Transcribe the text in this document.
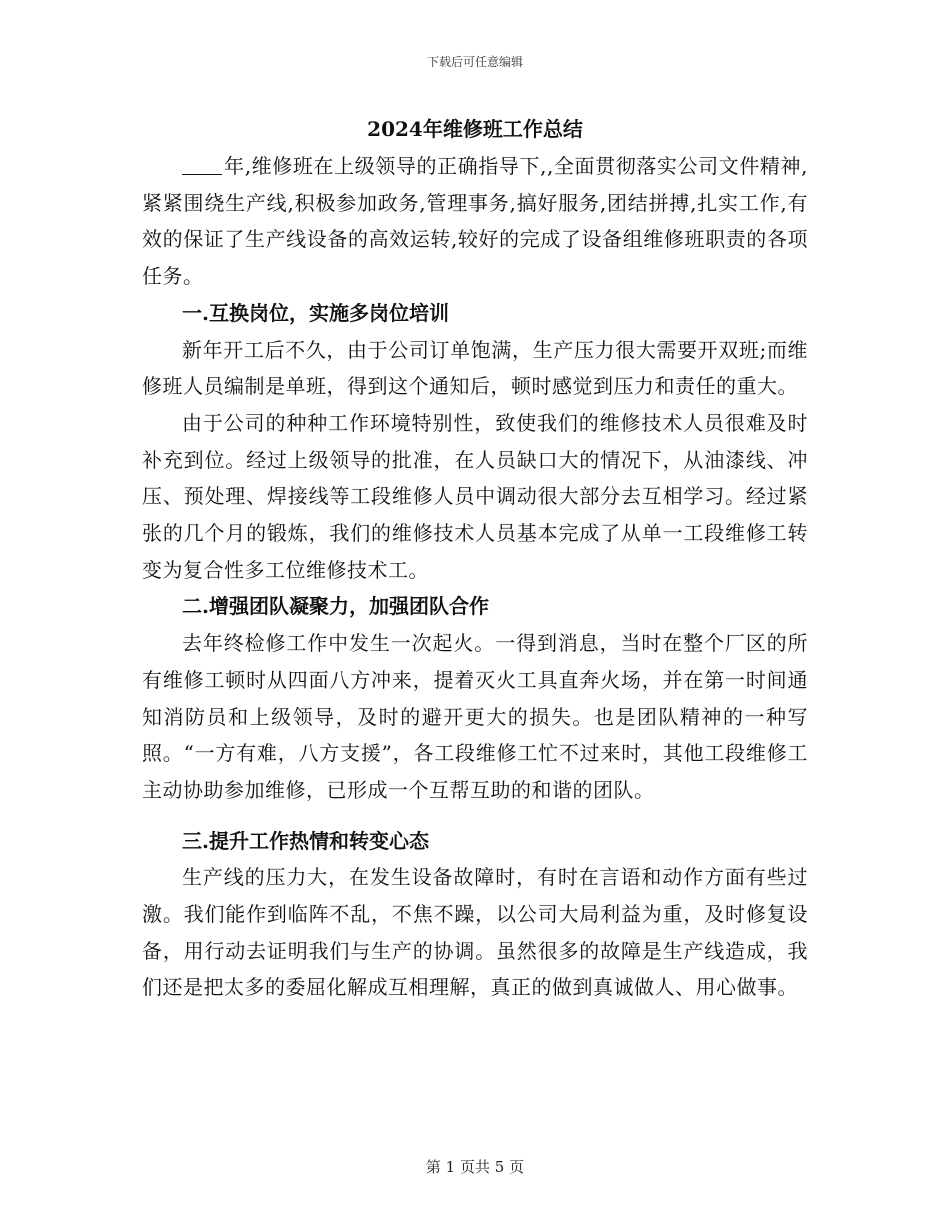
下载后可任意编辑
2024年维修班工作总结

年,维修班在上级领导的正确指导下,,全面贯彻落实公司文件精神,紧紧围绕生产线,积极参加政务,管理事务,搞好服务,团结拼搏,扎实工作,有效的保证了生产线设备的高效运转,较好的完成了设备组维修班职责的各项任务。

一.互换岗位，实施多岗位培训

新年开工后不久，由于公司订单饱满，生产压力很大需要开双班;而维修班人员编制是单班，得到这个通知后，顿时感觉到压力和责任的重大。

由于公司的种种工作环境特别性，致使我们的维修技术人员很难及时补充到位。经过上级领导的批准，在人员缺口大的情况下，从油漆线、冲压、预处理、焊接线等工段维修人员中调动很大部分去互相学习。经过紧张的几个月的锻炼，我们的维修技术人员基本完成了从单一工段维修工转变为复合性多工位维修技术工。

二.增强团队凝聚力，加强团队合作

去年终检修工作中发生一次起火。一得到消息，当时在整个厂区的所有维修工顿时从四面八方冲来，提着灭火工具直奔火场，并在第一时间通知消防员和上级领导，及时的避开更大的损失。也是团队精神的一种写照。“一方有难，八方支援”，各工段维修工忙不过来时，其他工段维修工主动协助参加维修，已形成一个互帮互助的和谐的团队。

三.提升工作热情和转变心态

生产线的压力大，在发生设备故障时，有时在言语和动作方面有些过激。我们能作到临阵不乱，不焦不躁，以公司大局利益为重，及时修复设备，用行动去证明我们与生产的协调。虽然很多的故障是生产线造成，我们还是把太多的委屈化解成互相理解，真正的做到真诚做人、用心做事。

第 1 页共 5 页
